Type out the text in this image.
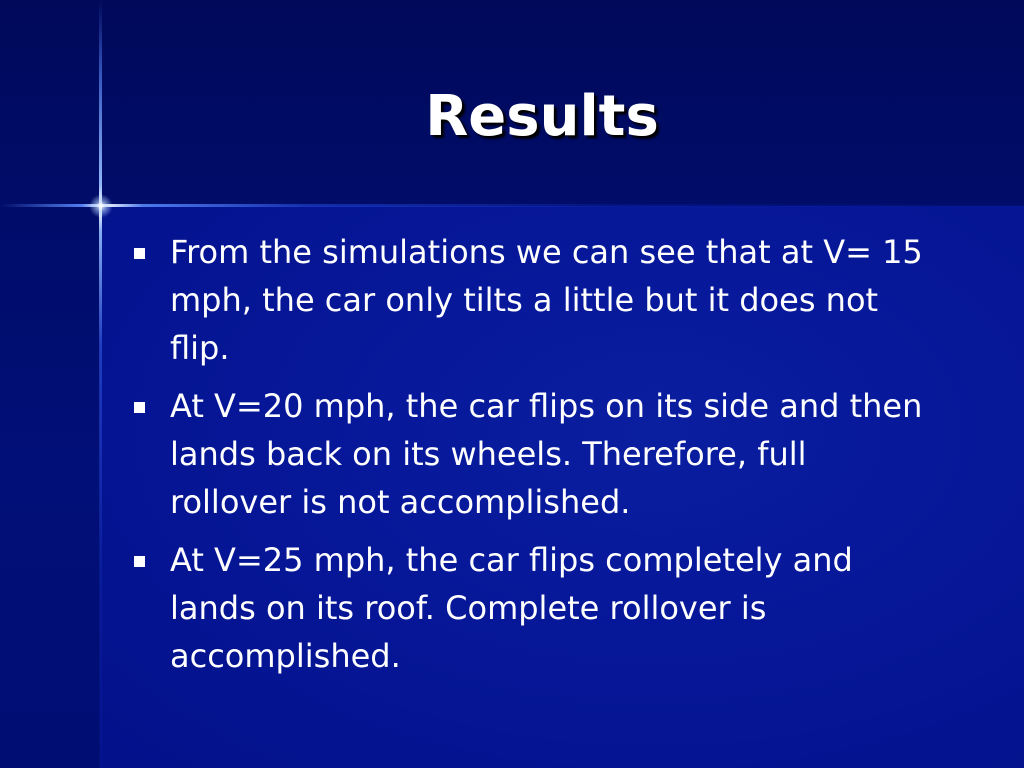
Results
From the simulations we can see that at V= 15 mph, the car only tilts a little but it does not flip.
At V=20 mph, the car flips on its side and then lands back on its wheels. Therefore, full rollover is not accomplished.
At V=25 mph, the car flips completely and lands on its roof. Complete rollover is accomplished.
